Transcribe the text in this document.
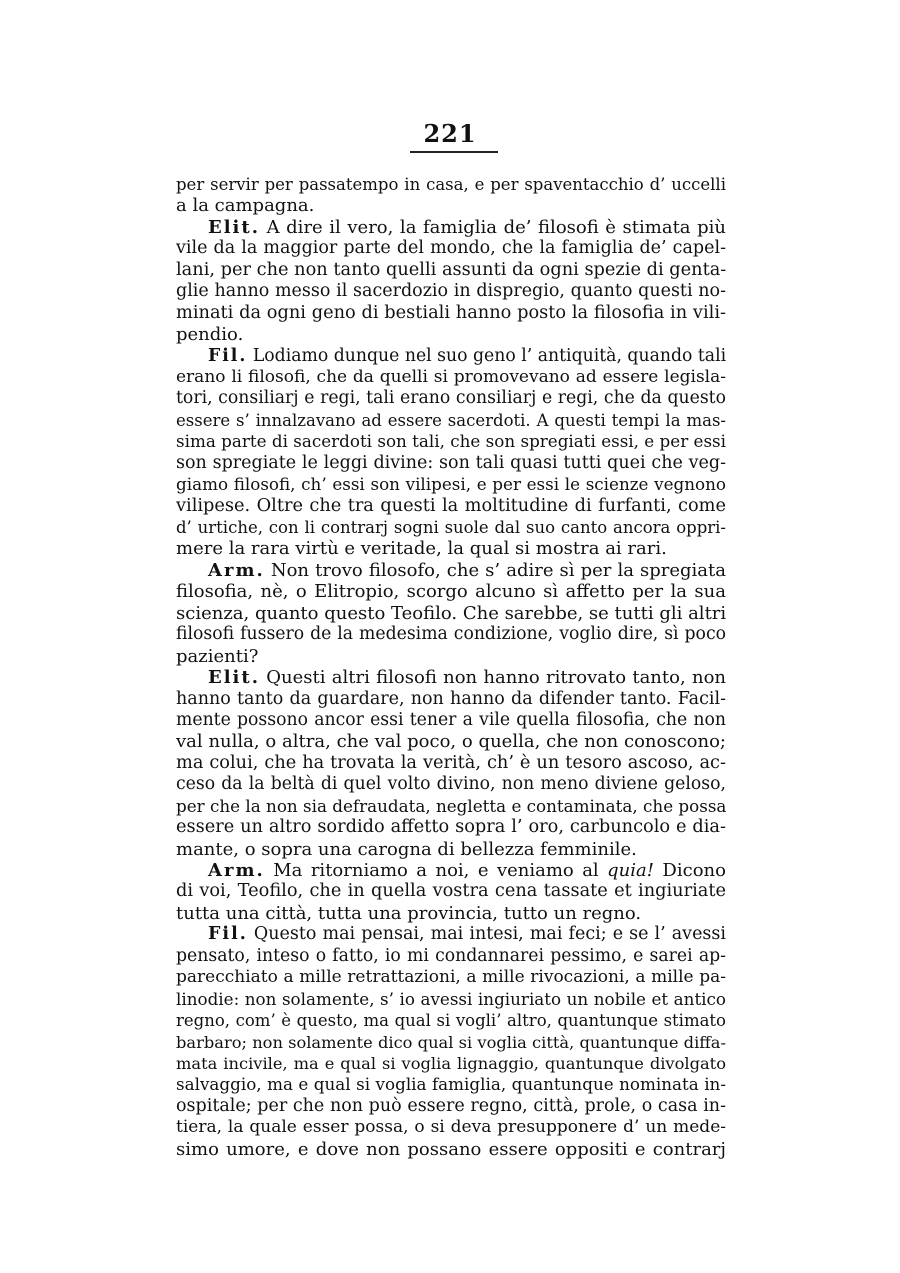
221
per servir per passatempo in casa, e per spaventacchio d’ uccelli
a la campagna.
Elit. A dire il vero, la famiglia de’ filosofi è stimata più
vile da la maggior parte del mondo, che la famiglia de’ capel-
lani, per che non tanto quelli assunti da ogni spezie di genta-
glie hanno messo il sacerdozio in dispregio, quanto questi no-
minati da ogni geno di bestiali hanno posto la filosofia in vili-
pendio.
Fil. Lodiamo dunque nel suo geno l’ antiquità, quando tali
erano li filosofi, che da quelli si promovevano ad essere legisla-
tori, consiliarj e regi, tali erano consiliarj e regi, che da questo
essere s’ innalzavano ad essere sacerdoti. A questi tempi la mas-
sima parte di sacerdoti son tali, che son spregiati essi, e per essi
son spregiate le leggi divine: son tali quasi tutti quei che veg-
giamo filosofi, ch’ essi son vilipesi, e per essi le scienze vegnono
vilipese. Oltre che tra questi la moltitudine di furfanti, come
d’ urtiche, con li contrarj sogni suole dal suo canto ancora oppri-
mere la rara virtù e veritade, la qual si mostra ai rari.
Arm. Non trovo filosofo, che s’ adire sì per la spregiata
filosofia, nè, o Elitropio, scorgo alcuno sì affetto per la sua
scienza, quanto questo Teofilo. Che sarebbe, se tutti gli altri
filosofi fussero de la medesima condizione, voglio dire, sì poco
pazienti?
Elit. Questi altri filosofi non hanno ritrovato tanto, non
hanno tanto da guardare, non hanno da difender tanto. Facil-
mente possono ancor essi tener a vile quella filosofia, che non
val nulla, o altra, che val poco, o quella, che non conoscono;
ma colui, che ha trovata la verità, ch’ è un tesoro ascoso, ac-
ceso da la beltà di quel volto divino, non meno diviene geloso,
per che la non sia defraudata, negletta e contaminata, che possa
essere un altro sordido affetto sopra l’ oro, carbuncolo e dia-
mante, o sopra una carogna di bellezza femminile.
Arm. Ma ritorniamo a noi, e veniamo al quia! Dicono
di voi, Teofilo, che in quella vostra cena tassate et ingiuriate
tutta una città, tutta una provincia, tutto un regno.
Fil. Questo mai pensai, mai intesi, mai feci; e se l’ avessi
pensato, inteso o fatto, io mi condannarei pessimo, e sarei ap-
parecchiato a mille retrattazioni, a mille rivocazioni, a mille pa-
linodie: non solamente, s’ io avessi ingiuriato un nobile et antico
regno, com’ è questo, ma qual si vogli’ altro, quantunque stimato
barbaro; non solamente dico qual si voglia città, quantunque diffa-
mata incivile, ma e qual si voglia lignaggio, quantunque divolgato
salvaggio, ma e qual si voglia famiglia, quantunque nominata in-
ospitale; per che non può essere regno, città, prole, o casa in-
tiera, la quale esser possa, o si deva presupponere d’ un mede-
simo umore, e dove non possano essere oppositi e contrarj
